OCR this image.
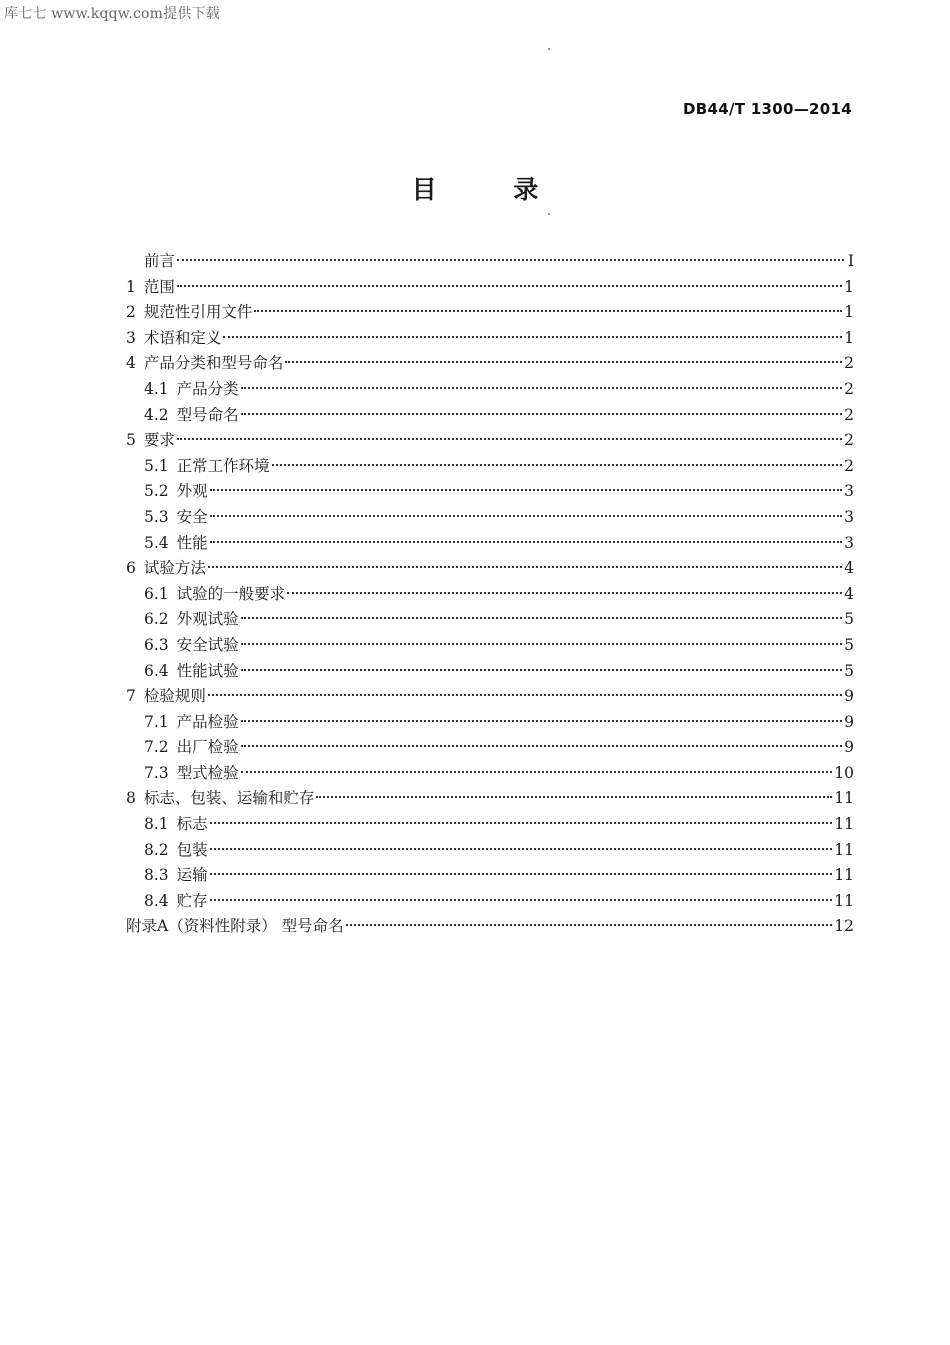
库七七 www.kqqw.com提供下载
DB44/T 1300—2014
目 录
前言	I
1 范围	1
2 规范性引用文件	1
3 术语和定义	1
4 产品分类和型号命名	2
4.1 产品分类	2
4.2 型号命名	2
5 要求	2
5.1 正常工作环境	2
5.2 外观	3
5.3 安全	3
5.4 性能	3
6 试验方法	4
6.1 试验的一般要求	4
6.2 外观试验	5
6.3 安全试验	5
6.4 性能试验	5
7 检验规则	9
7.1 产品检验	9
7.2 出厂检验	9
7.3 型式检验	10
8 标志、包装、运输和贮存	11
8.1 标志	11
8.2 包装	11
8.3 运输	11
8.4 贮存	11
附录A（资料性附录） 型号命名	12
